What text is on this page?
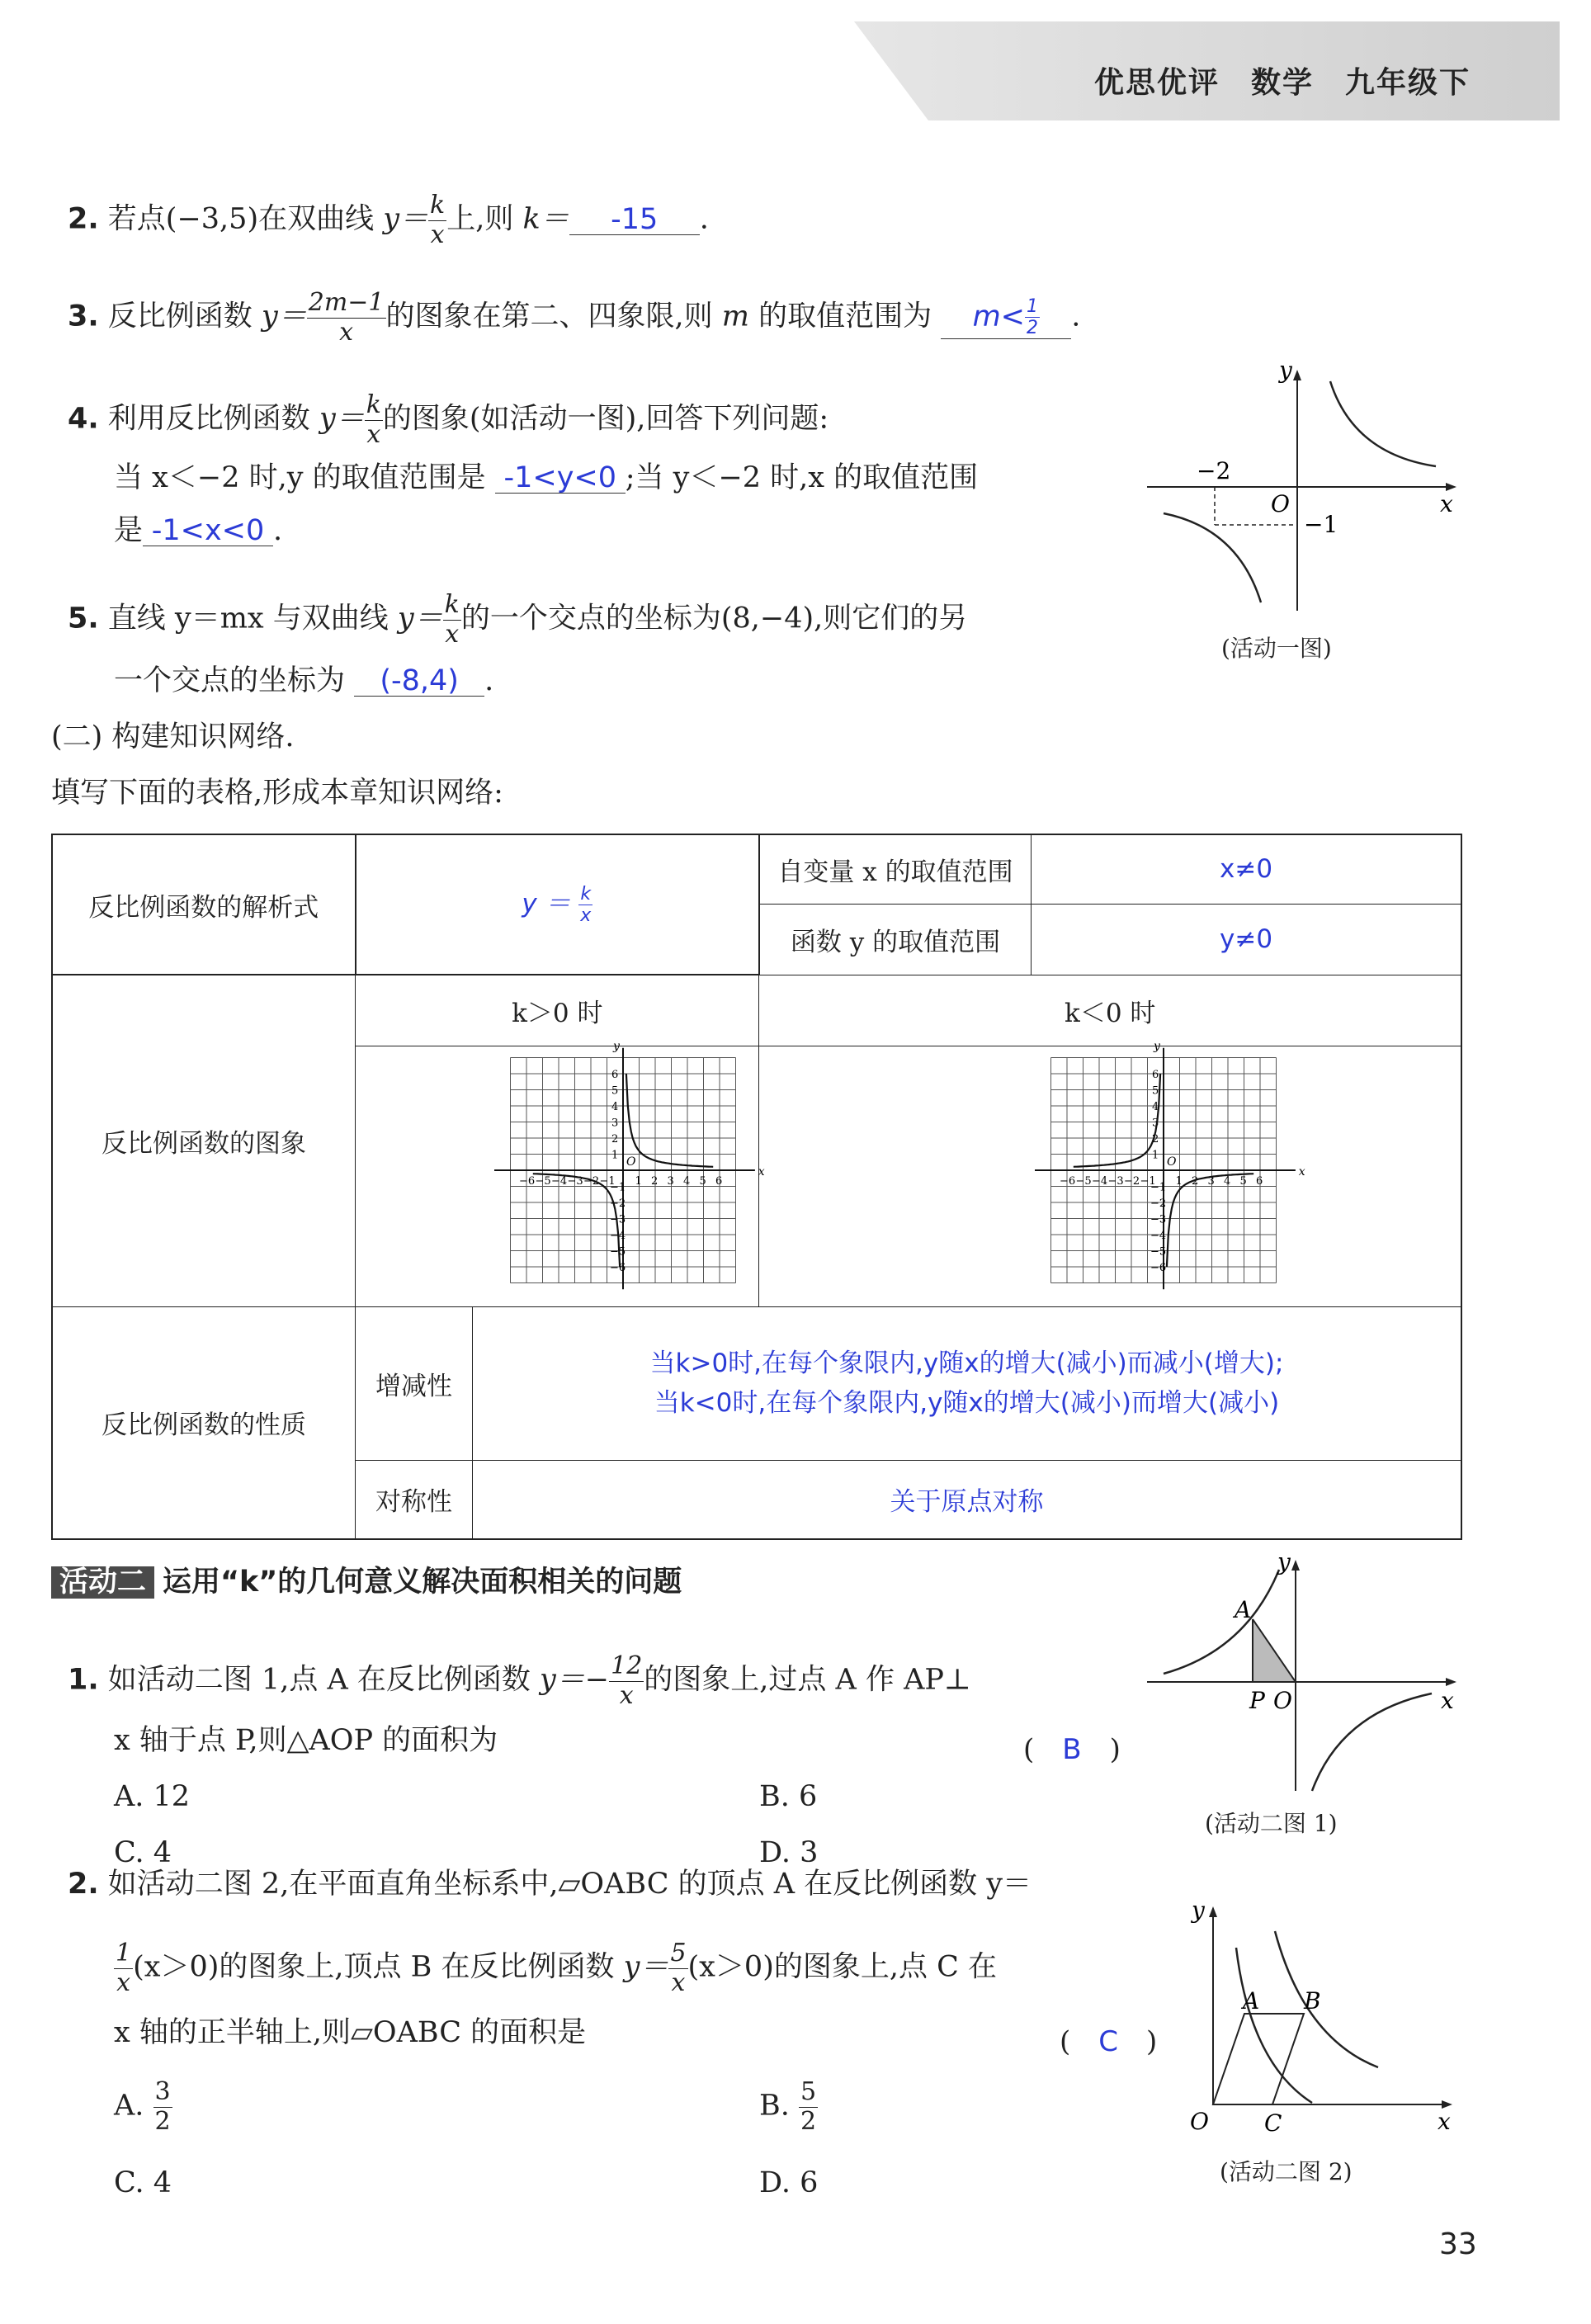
优思优评　数学　九年级下
2. 若点(−3,5)在双曲线 $y= \frac{k}{x}$ 上,则 k＝ -15 .
3. 反比例函数 $y= \frac{2m-1}{x}$ 的图象在第二、四象限,则 m 的取值范围为 $m< \frac{1}{2}$ .
4. 利用反比例函数 $y= \frac{k}{x}$ 的图象(如活动一图),回答下列问题:
当 x＜−2 时,y 的取值范围是 -1<y<0 ;当 y＜−2 时,x 的取值范围
是 -1<x<0 .
5. 直线 y＝mx 与双曲线 $y= \frac{k}{x}$ 的一个交点的坐标为(8,−4),则它们的另
一个交点的坐标为 (-8,4) .
y
x
O
−2
−1
(活动一图)
(二) 构建知识网络.
填写下面的表格,形成本章知识网络:
反比例函数的解析式	$y = \frac{k}{x}$		自变量 x 的取值范围	x≠0
			函数 y 的取值范围	y≠0
反比例函数的图象	k＞0 时		k＜0 时	

反比例函数的性质	增减性	当k>0时,在每个象限内,y随x的增大(减小)而减小(增大);
当k<0时,在每个象限内,y随x的增大(减小)而增大(减小)		
	对称性	关于原点对称		
1
−1
1
−1 2
−2
2
−2
3
−3
3
−3
4
−4
4
−4
5
−5
5
−5
6
−6
6
−6
x
y
O
1
−1
1
−1 2
−2
2
−2
3
−3
3
−3
4
−4
4
−4
5
−5
5
−5
6
−6
6
−6
x
y
O
活动二 运用“k”的几何意义解决面积相关的问题
1. 如活动二图 1,点 A 在反比例函数 $y=- \frac{12}{x}$ 的图象上,过点 A 作 AP⊥
x 轴于点 P,则△AOP 的面积为	(　B　)
A. 12	B. 6
C. 4	D. 3
y
x
A
P O
(活动二图 1)
2. 如活动二图 2,在平面直角坐标系中,▱OABC 的顶点 A 在反比例函数 y＝
$\frac{1}{x} (x>0)$的图象上,顶点 B 在反比例函数 $y= \frac{5}{x} (x>0)$的图象上,点 C 在
x 轴的正半轴上,则▱OABC 的面积是	(　C　)
A. $\frac{3}{2}$	B. $\frac{5}{2}$
C. 4	D. 6
y
x
A B
O C
(活动二图 2)
33
